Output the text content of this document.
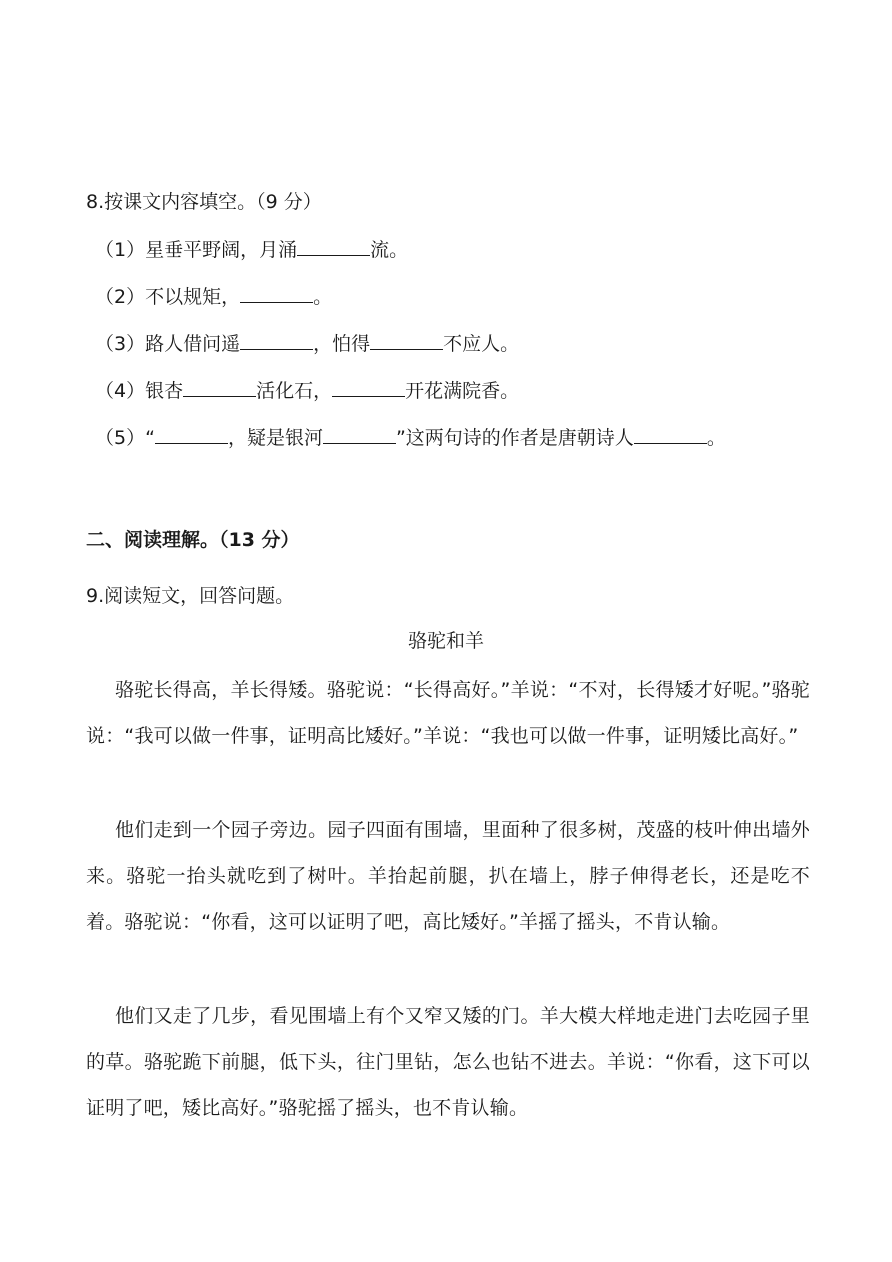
8.按课文内容填空。（9 分）
（1）星垂平野阔，月涌	流。
（2）不以规矩，	。
（3）路人借问遥	，怕得	不应人。
（4）银杏	活化石，	开花满院香。
（5）“	，疑是银河	”这两句诗的作者是唐朝诗人	。
二、阅读理解。（13 分）
9.阅读短文，回答问题。
骆驼和羊
骆驼长得高，羊长得矮。骆驼说：“长得高好。”羊说：“不对，长得矮才好呢。”骆驼说：“我可以做一件事，证明高比矮好。”羊说：“我也可以做一件事，证明矮比高好。”
他们走到一个园子旁边。园子四面有围墙，里面种了很多树，茂盛的枝叶伸出墙外来。骆驼一抬头就吃到了树叶。羊抬起前腿，扒在墙上，脖子伸得老长，还是吃不着。骆驼说：“你看，这可以证明了吧，高比矮好。”羊摇了摇头，不肯认输。
他们又走了几步，看见围墙上有个又窄又矮的门。羊大模大样地走进门去吃园子里的草。骆驼跪下前腿，低下头，往门里钻，怎么也钻不进去。羊说：“你看，这下可以证明了吧，矮比高好。”骆驼摇了摇头，也不肯认输。
